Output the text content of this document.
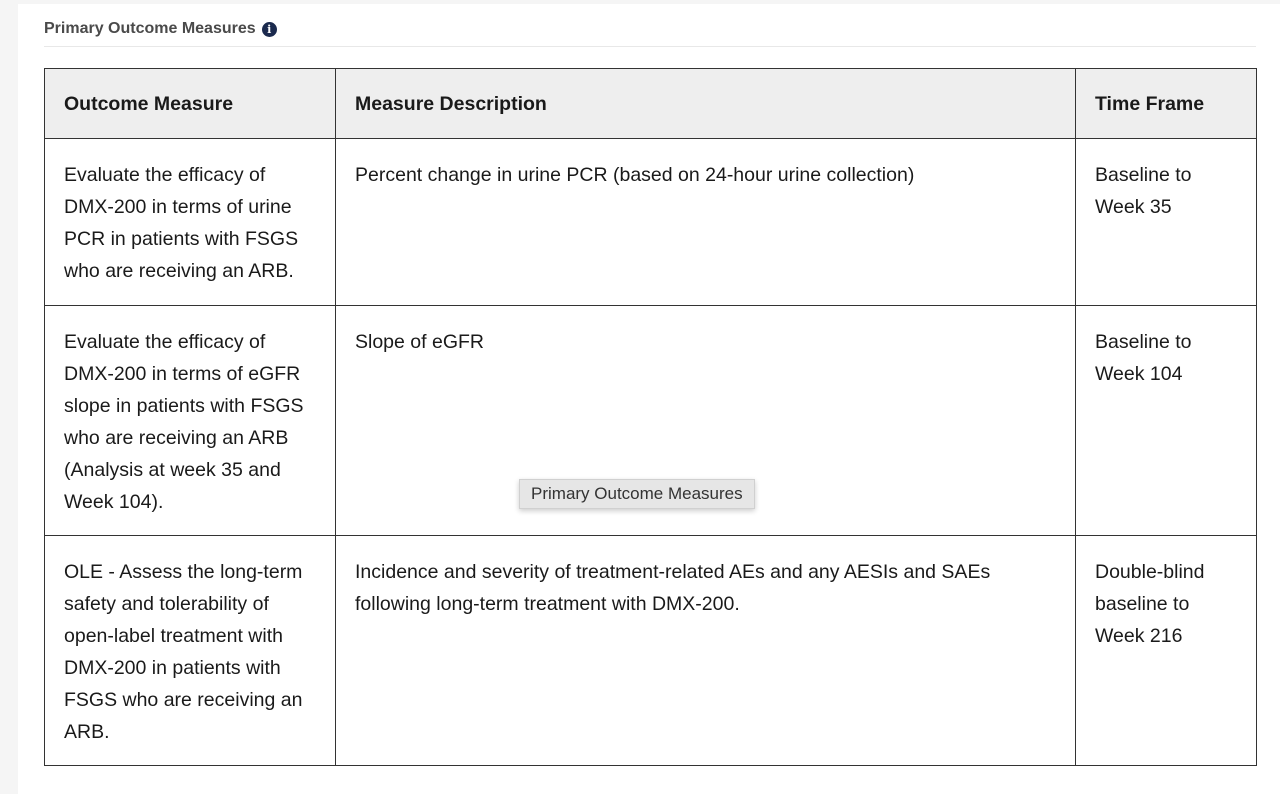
Primary Outcome Measures	i
Outcome Measure	Measure Description	Time Frame
Evaluate the efficacy of DMX-200 in terms of urine PCR in patients with FSGS who are receiving an ARB.	Percent change in urine PCR (based on 24-hour urine collection)	Baseline to Week 35
Evaluate the efficacy of DMX-200 in terms of eGFR slope in patients with FSGS who are receiving an ARB (Analysis at week 35 and Week 104).	Slope of eGFR	Baseline to Week 104
OLE - Assess the long-term safety and tolerability of open-label treatment with DMX-200 in patients with FSGS who are receiving an ARB.	Incidence and severity of treatment-related AEs and any AESIs and SAEs following long-term treatment with DMX-200.	Double-blind baseline to Week 216
Primary Outcome Measures
